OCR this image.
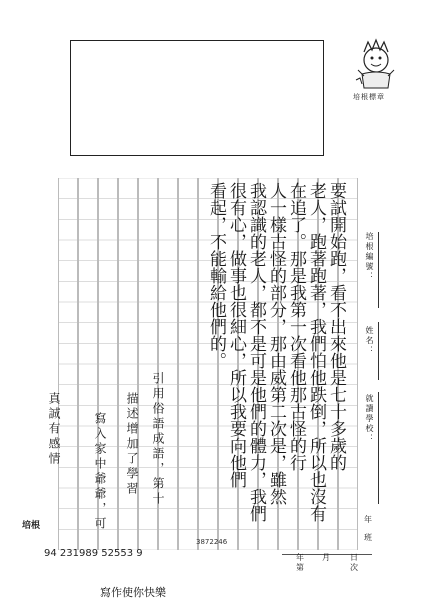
培根標章
要試開始跑，看不出來他是七十多歲的
老人，跑著跑著，我們怕他跌倒，所以也沒有
在追了。那是我第一次看他那古怪的行
人一樣古怪的部分，那由威第二次是，雖然
我認識的老人，都不是可是他們的體力，我們
很有心，做事也很細心，所以我要向他們
看起，不能輸給他們的。
引用俗語成語，第十
描述增加了學習
寫入家中爺爺，可
真誠有感情
培根
培根編號：
姓名：
就讀學校：
年
班
年 月	日
第	次
94 231989 52553 9
3872246
寫作使你快樂
